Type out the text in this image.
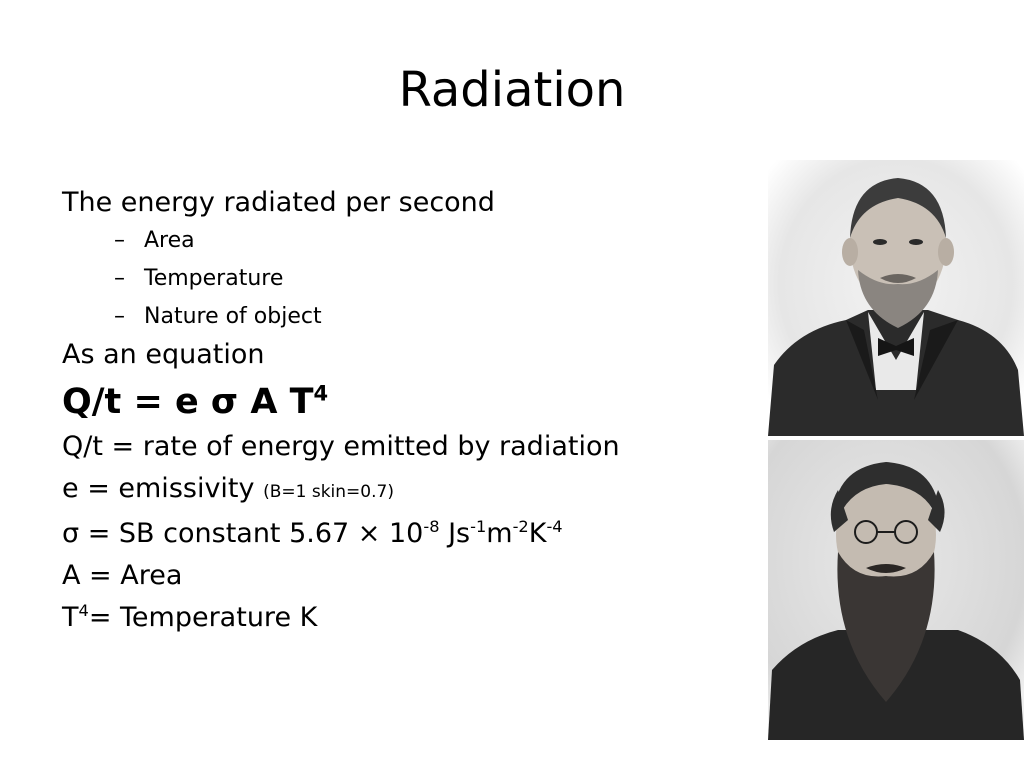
Radiation

The energy radiated per second

– Area

– Temperature

– Nature of object

As an equation

Q/t = e σ A $T^4$

Q/t = rate of energy emitted by radiation

e = emissivity (B=1 skin=0.7)

σ = SB constant $5.67 \times 10^{-8}$ $Js^{-1}m^{-2}K^{-4}$

A = Area

$T^4=$ Temperature K
